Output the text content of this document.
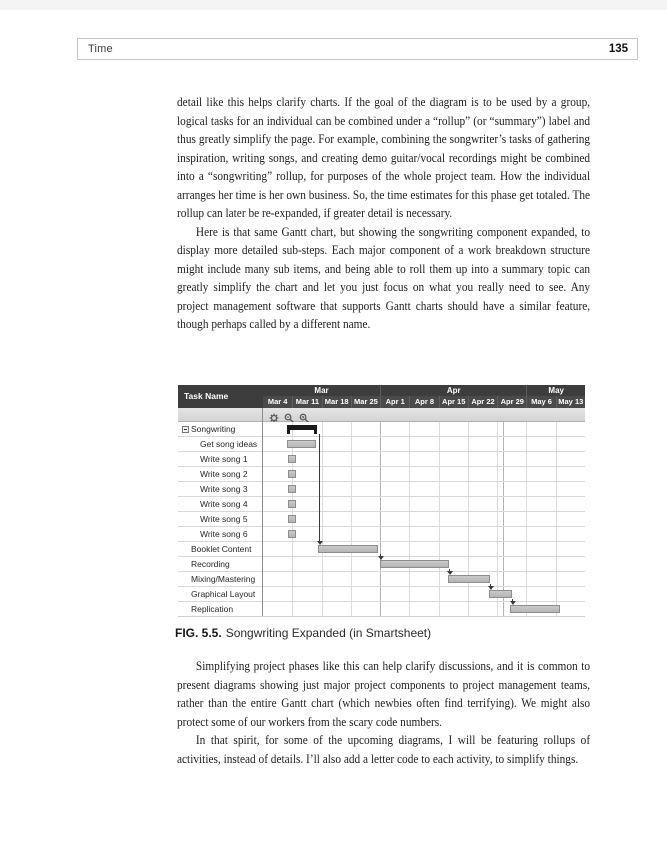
Time	135

detail like this helps clarify charts. If the goal of the diagram is to be used by a group, logical tasks for an individual can be combined under a “rollup” (or “summary”) label and thus greatly simplify the page. For example, combining the songwriter’s tasks of gathering inspiration, writing songs, and creating demo guitar/vocal recordings might be combined into a “songwriting” rollup, for purposes of the whole project team. How the individual arranges her time is her own business. So, the time estimates for this phase get totaled. The rollup can later be re-expanded, if greater detail is necessary.

Here is that same Gantt chart, but showing the songwriting component expanded, to display more detailed sub-steps. Each major component of a work breakdown structure might include many sub items, and being able to roll them up into a summary topic can greatly simplify the chart and let you just focus on what you really need to see. Any project management software that supports Gantt charts should have a similar feature, though perhaps called by a different name.

Task Name
Mar	Apr	May
Mar 4	Mar 11 Mar 18 Mar 25	Apr 1	Apr 8	Apr 15 Apr 22 Apr 29 May 6 May 13
Songwriting
Get song ideas
Write song 1
Write song 2
Write song 3
Write song 4
Write song 5
Write song 6
Booklet Content
Recording
Mixing/Mastering
Graphical Layout
Replication
FIG. 5.5. Songwriting Expanded (in Smartsheet)

Simplifying project phases like this can help clarify discussions, and it is common to present diagrams showing just major project components to project management teams, rather than the entire Gantt chart (which newbies often find terrifying). We might also protect some of our workers from the scary code numbers.

In that spirit, for some of the upcoming diagrams, I will be featuring rollups of activities, instead of details. I’ll also add a letter code to each activity, to simplify things.
